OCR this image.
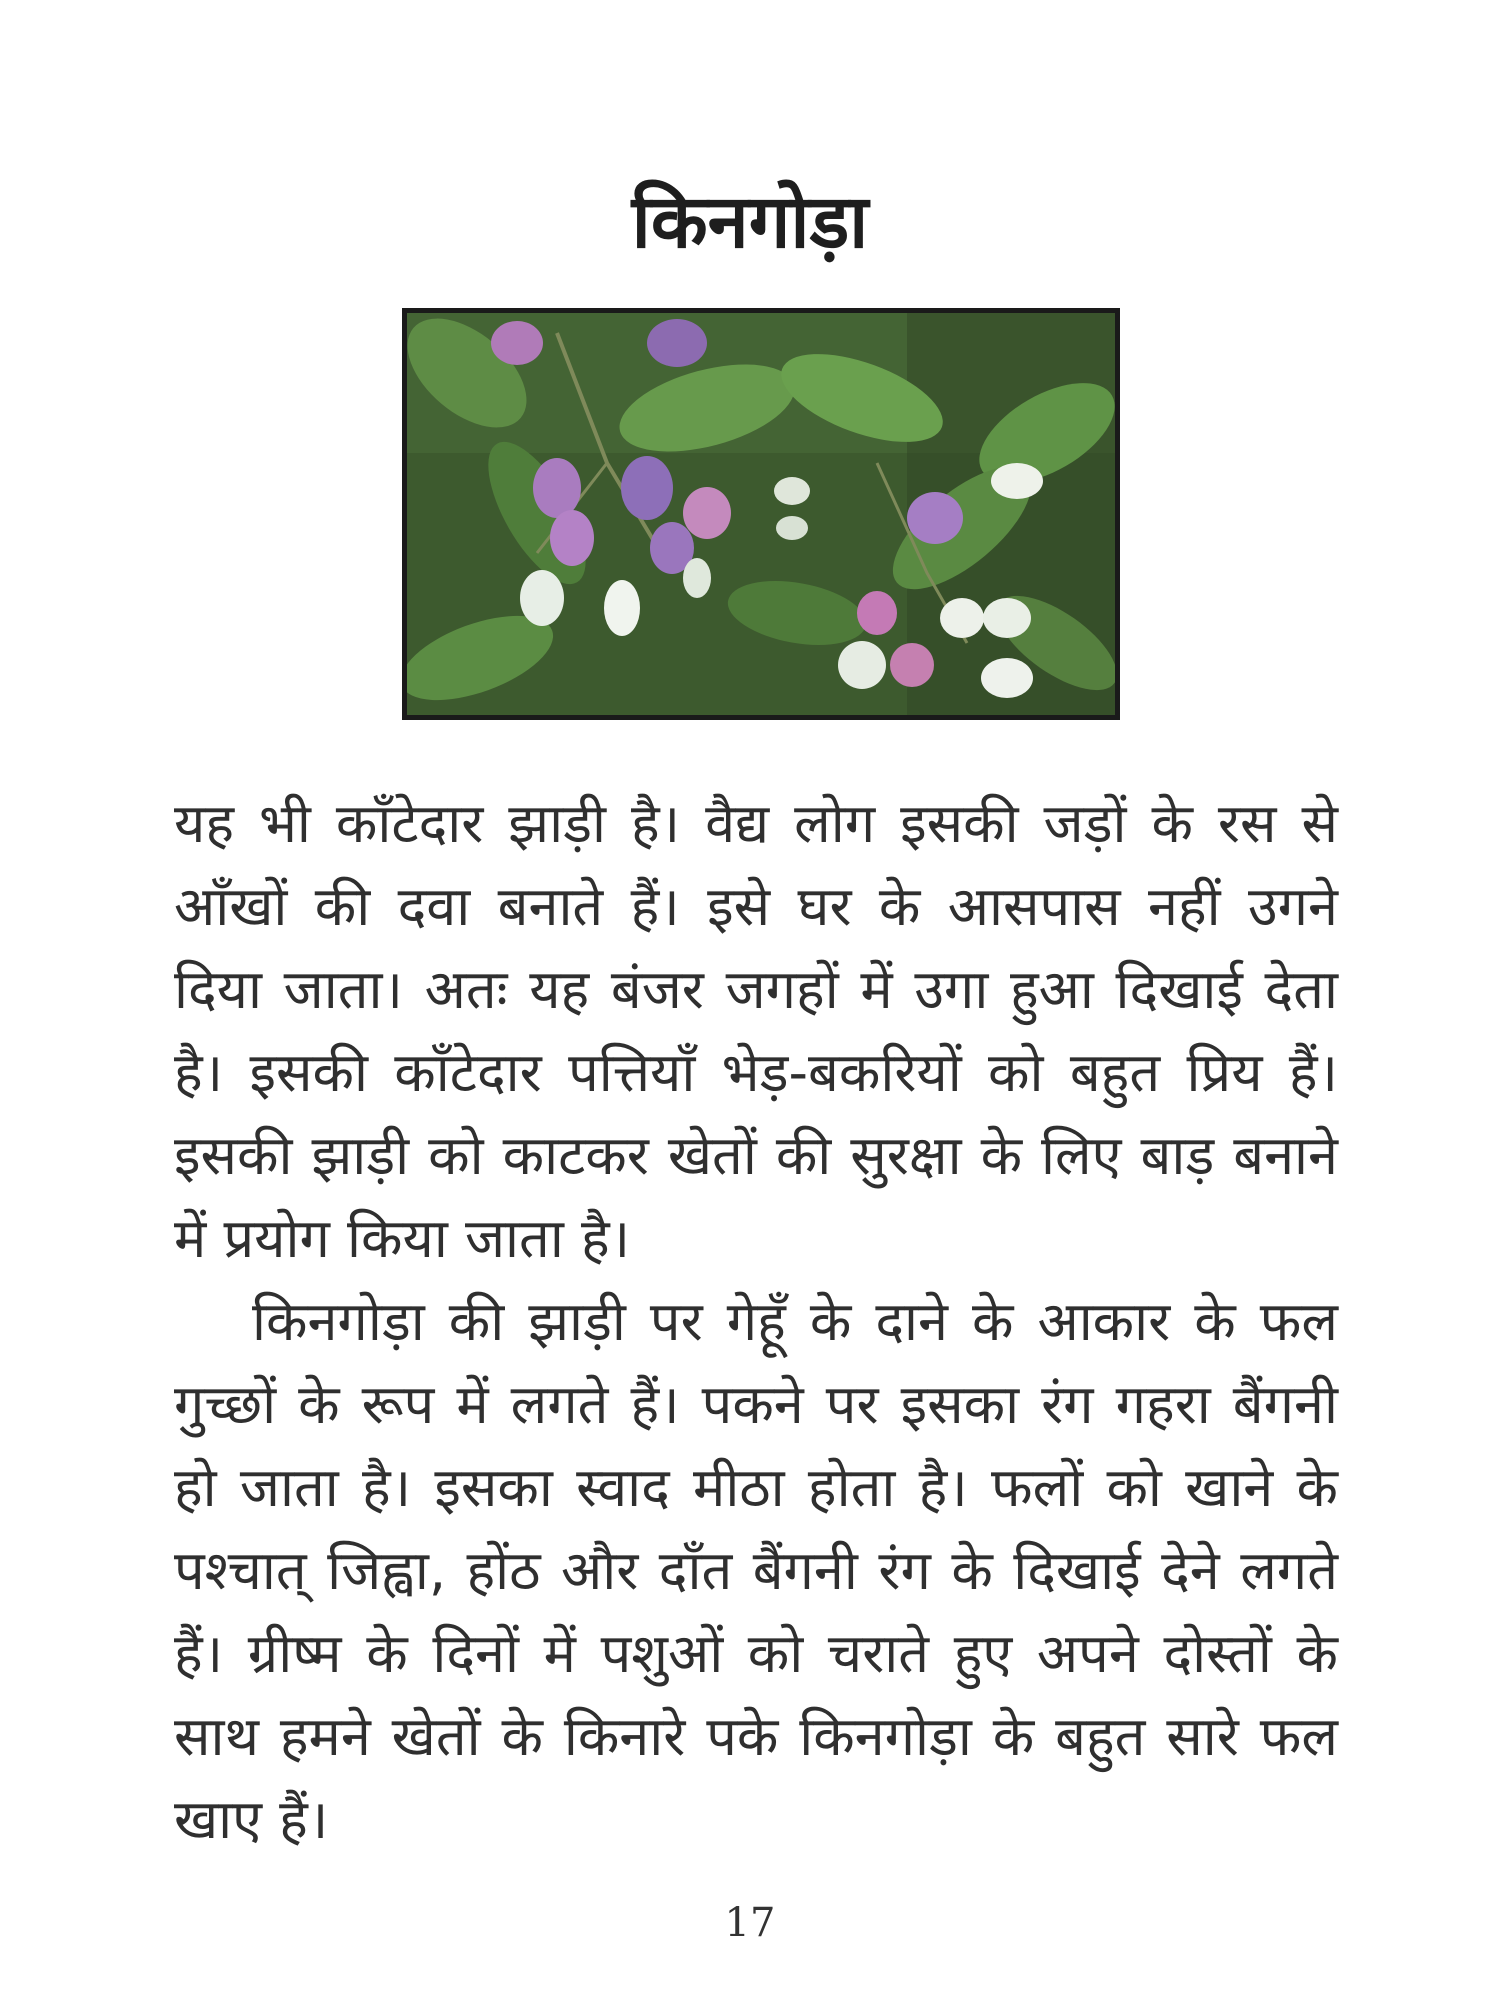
किनगोड़ा

यह भी काँटेदार झाड़ी है। वैद्य लोग इसकी जड़ों के रस से आँखों की दवा बनाते हैं। इसे घर के आसपास नहीं उगने दिया जाता। अतः यह बंजर जगहों में उगा हुआ दिखाई देता है। इसकी काँटेदार पत्तियाँ भेड़-बकरियों को बहुत प्रिय हैं। इसकी झाड़ी को काटकर खेतों की सुरक्षा के लिए बाड़ बनाने में प्रयोग किया जाता है।

किनगोड़ा की झाड़ी पर गेहूँ के दाने के आकार के फल गुच्छों के रूप में लगते हैं। पकने पर इसका रंग गहरा बैंगनी हो जाता है। इसका स्वाद मीठा होता है। फलों को खाने के पश्चात् जिह्वा, होंठ और दाँत बैंगनी रंग के दिखाई देने लगते हैं। ग्रीष्म के दिनों में पशुओं को चराते हुए अपने दोस्तों के साथ हमने खेतों के किनारे पके किनगोड़ा के बहुत सारे फल खाए हैं।

17
